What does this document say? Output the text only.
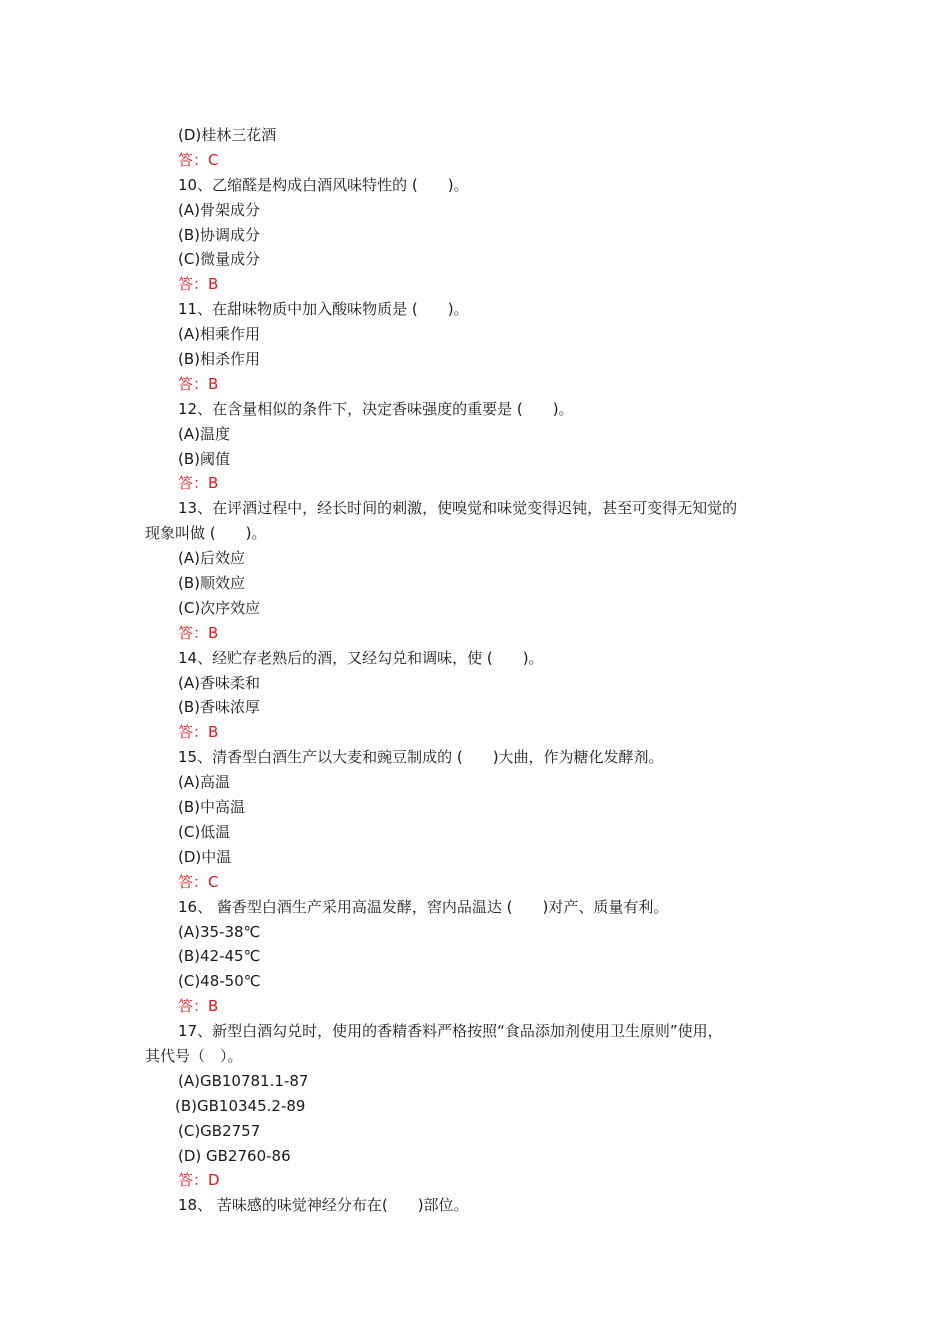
(D)桂林三花酒
答：C
10、乙缩醛是构成白酒风味特性的 (　　)。
(A)骨架成分
(B)协调成分
(C)微量成分
答：B
11、在甜味物质中加入酸味物质是 (　　)。
(A)相乘作用
(B)相杀作用
答：B
12、在含量相似的条件下，决定香味强度的重要是 (　　)。
(A)温度
(B)阈值
答：B
13、在评酒过程中，经长时间的刺激，使嗅觉和味觉变得迟钝，甚至可变得无知觉的
现象叫做 (　　)。
(A)后效应
(B)顺效应
(C)次序效应
答：B
14、经贮存老熟后的酒，又经勾兑和调味，使 (　　)。
(A)香味柔和
(B)香味浓厚
答：B
15、清香型白酒生产以大麦和豌豆制成的 (　　)大曲，作为糖化发酵剂。
(A)高温
(B)中高温
(C)低温
(D)中温
答：C
16、 酱香型白酒生产采用高温发酵，窖内品温达 (　　)对产、质量有利。
(A)35-38℃
(B)42-45℃
(C)48-50℃
答：B
17、新型白酒勾兑时，使用的香精香料严格按照“食品添加剂使用卫生原则”使用，
其代号（　）。
(A)GB10781.1-87
(B)GB10345.2-89
(C)GB2757
(D) GB2760-86
答：D
18、 苦味感的味觉神经分布在(　　)部位。
